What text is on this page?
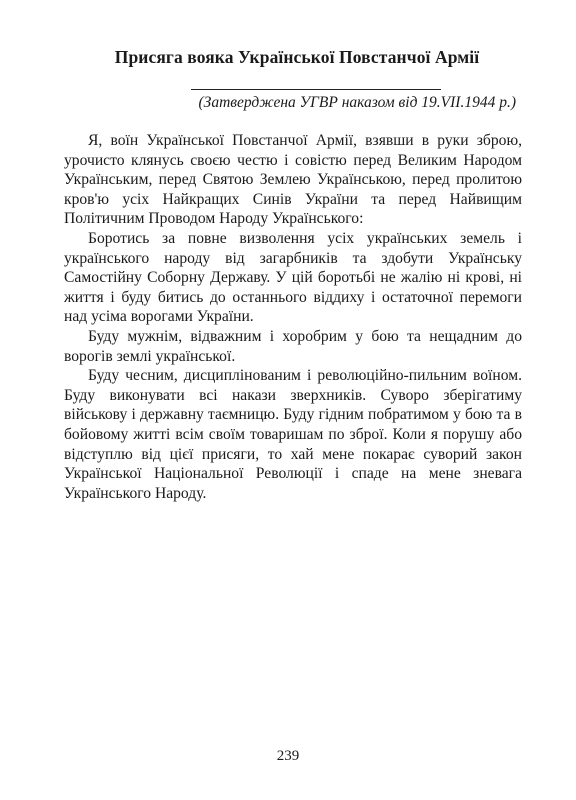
Присяга вояка Української Повстанчої Армії
(Затверджена УГВР наказом від 19.VII.1944 р.)

Я, воїн Української Повстанчої Армії, взявши в руки зброю, урочисто клянусь своєю честю і совістю перед Великим Народом Українським, перед Святою Землею Українською, перед пролитою кров'ю усіх Найкращих Синів України та перед Найвищим Політичним Проводом Народу Українського:

Боротись за повне визволення усіх українських земель і українського народу від загарбників та здобути Українську Самостійну Соборну Державу. У цій боротьбі не жалію ні крові, ні життя і буду битись до останнього віддиху і остаточної перемоги над усіма ворогами України.

Буду мужнім, відважним і хоробрим у бою та нещадним до ворогів землі української.

Буду чесним, дисциплінованим і революційно-пильним воїном. Буду виконувати всі накази зверхників. Суворо зберігатиму військову і державну таємницю. Буду гідним побратимом у бою та в бойовому житті всім своїм товаришам по зброї. Коли я порушу або відступлю від цієї присяги, то хай мене покарає суворий закон Української Національної Революції і спаде на мене зневага Українського Народу.

239
